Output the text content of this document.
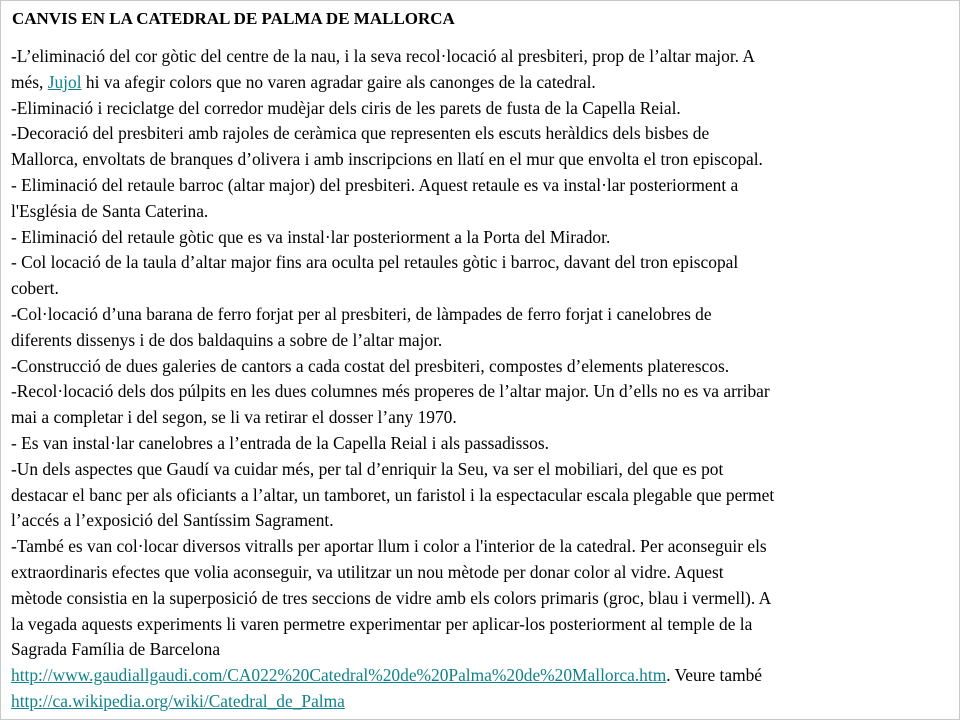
CANVIS EN LA CATEDRAL DE PALMA DE MALLORCA
-L’eliminació del cor gòtic del centre de la nau, i la seva recol·locació al presbiteri, prop de l’altar major. A
més, Jujol hi va afegir colors que no varen agradar gaire als canonges de la catedral.
-Eliminació i reciclatge del corredor mudèjar dels ciris de les parets de fusta de la Capella Reial.
-Decoració del presbiteri amb rajoles de ceràmica que representen els escuts heràldics dels bisbes de
Mallorca, envoltats de branques d’olivera i amb inscripcions en llatí en el mur que envolta el tron episcopal.
- Eliminació del retaule barroc (altar major) del presbiteri. Aquest retaule es va instal·lar posteriorment a
l'Església de Santa Caterina.
- Eliminació del retaule gòtic que es va instal·lar posteriorment a la Porta del Mirador.
- Col locació de la taula d’altar major fins ara oculta pel retaules gòtic i barroc, davant del tron episcopal
cobert.
-Col·locació d’una barana de ferro forjat per al presbiteri, de làmpades de ferro forjat i canelobres de
diferents dissenys i de dos baldaquins a sobre de l’altar major.
-Construcció de dues galeries de cantors a cada costat del presbiteri, compostes d’elements platerescos.
-Recol·locació dels dos púlpits en les dues columnes més properes de l’altar major. Un d’ells no es va arribar
mai a completar i del segon, se li va retirar el dosser l’any 1970.
- Es van instal·lar canelobres a l’entrada de la Capella Reial i als passadissos.
-Un dels aspectes que Gaudí va cuidar més, per tal d’enriquir la Seu, va ser el mobiliari, del que es pot
destacar el banc per als oficiants a l’altar, un tamboret, un faristol i la espectacular escala plegable que permet
l’accés a l’exposició del Santíssim Sagrament.
-També es van col·locar diversos vitralls per aportar llum i color a l'interior de la catedral. Per aconseguir els
extraordinaris efectes que volia aconseguir, va utilitzar un nou mètode per donar color al vidre. Aquest
mètode consistia en la superposició de tres seccions de vidre amb els colors primaris (groc, blau i vermell). A
la vegada aquests experiments li varen permetre experimentar per aplicar-los posteriorment al temple de la
Sagrada Família de Barcelona
http://www.gaudiallgaudi.com/CA022%20Catedral%20de%20Palma%20de%20Mallorca.htm. Veure també
http://ca.wikipedia.org/wiki/Catedral_de_Palma
